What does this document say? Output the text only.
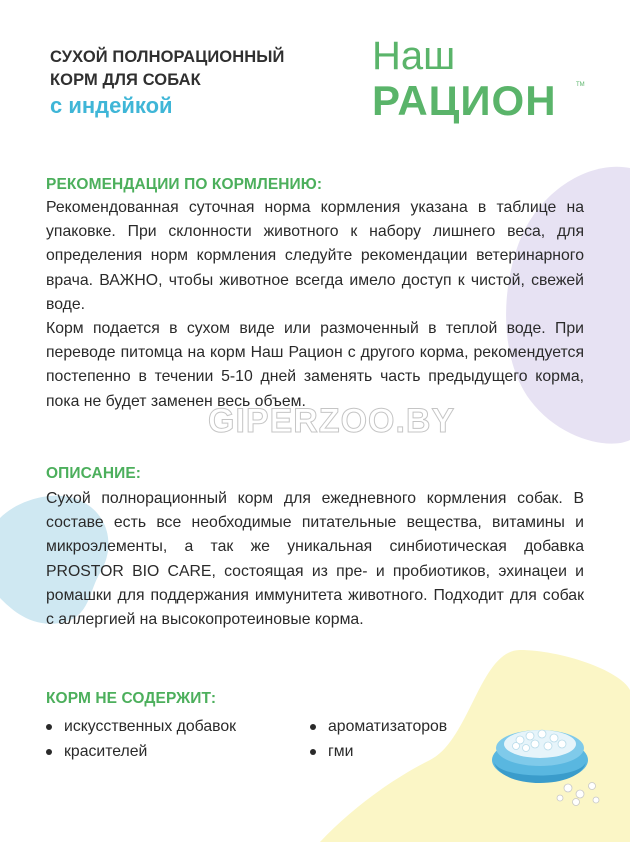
СУХОЙ ПОЛНОРАЦИОННЫЙ
КОРМ ДЛЯ СОБАК
с индейкой
Наш
РАЦИОН	TM
РЕКОМЕНДАЦИИ ПО КОРМЛЕНИЮ:

Рекомендованная суточная норма кормления указана в таблице на упаковке. При склонности животного к набору лишнего веса, для определения норм кормления следуйте рекомендации ветеринарного врача. ВАЖНО, чтобы животное всегда имело доступ к чистой, свежей воде.

Корм подается в сухом виде или размоченный в теплой воде. При переводе питомца на корм Наш Рацион с другого корма, рекомендуется постепенно в течении 5-10 дней заменять часть предыдущего корма, пока не будет заменен весь объем.

GIPERZOO.BY
ОПИСАНИЕ:

Сухой полнорационный корм для ежедневного кормления собак. В составе есть все необходимые питательные вещества, витамины и микроэлементы, а так же уникальная синбиотическая добавка PROSTOR BIO CARE, состоящая из пре- и пробиотиков, эхинацеи и ромашки для поддержания иммунитета животного. Подходит для собак с аллергией на высокопротеиновые корма.

КОРМ НЕ СОДЕРЖИТ:
искусственных добавок	ароматизаторов
красителей	гми
